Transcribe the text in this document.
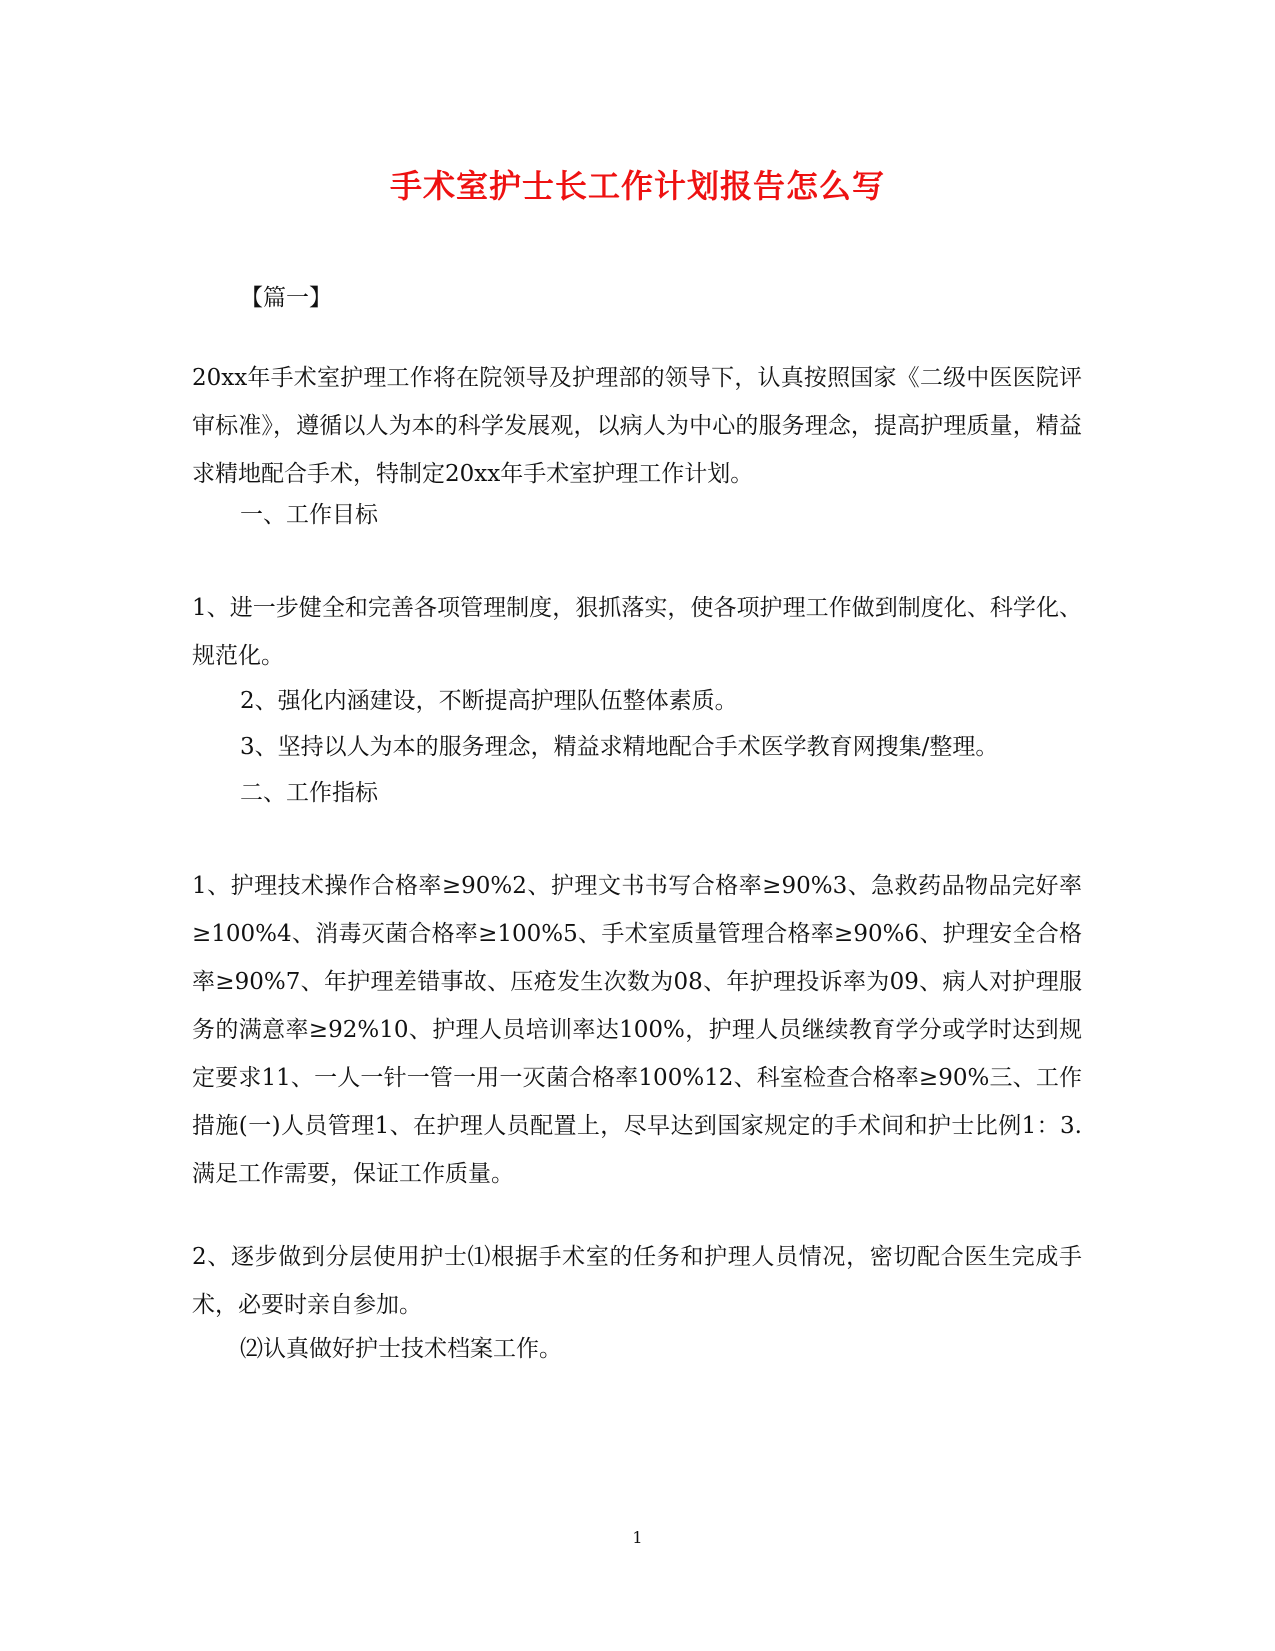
手术室护士长工作计划报告怎么写
【篇一】

20xx年手术室护理工作将在院领导及护理部的领导下，认真按照国家《二级中医医院评审标准》，遵循以人为本的科学发展观，以病人为中心的服务理念，提高护理质量，精益求精地配合手术，特制定20xx年手术室护理工作计划。

一、工作目标

1、进一步健全和完善各项管理制度，狠抓落实，使各项护理工作做到制度化、科学化、规范化。

2、强化内涵建设，不断提高护理队伍整体素质。

3、坚持以人为本的服务理念，精益求精地配合手术医学教育网搜集/整理。

二、工作指标

1、护理技术操作合格率≥90%2、护理文书书写合格率≥90%3、急救药品物品完好率≥100%4、消毒灭菌合格率≥100%5、手术室质量管理合格率≥90%6、护理安全合格率≥90%7、年护理差错事故、压疮发生次数为08、年护理投诉率为09、病人对护理服务的满意率≥92%10、护理人员培训率达100%，护理人员继续教育学分或学时达到规定要求11、一人一针一管一用一灭菌合格率100%12、科室检查合格率≥90%三、工作措施(一)人员管理1、在护理人员配置上，尽早达到国家规定的手术间和护士比例1：3.满足工作需要，保证工作质量。

2、逐步做到分层使用护士⑴根据手术室的任务和护理人员情况，密切配合医生完成手术，必要时亲自参加。

⑵认真做好护士技术档案工作。

1
